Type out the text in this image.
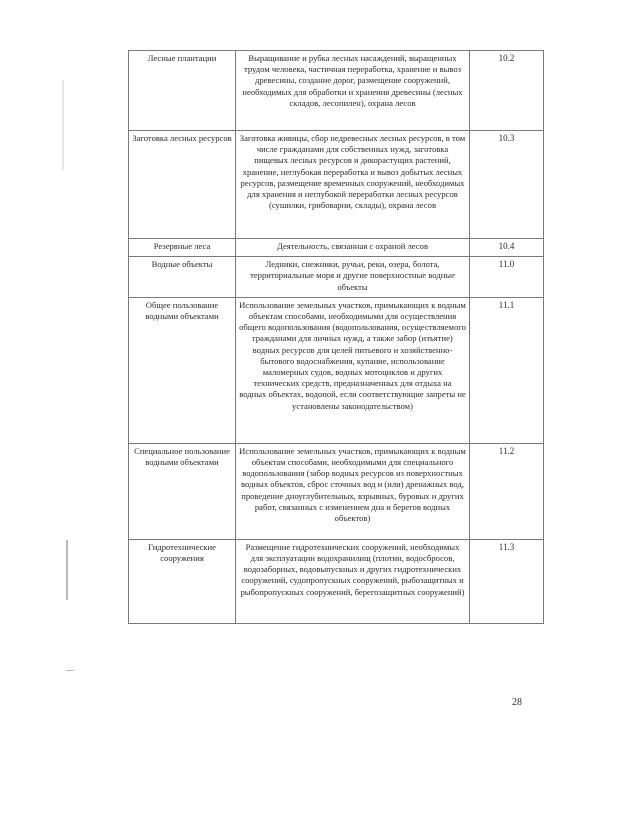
Лесные плантации	Выращивание и рубка лесных насаждений, выращенных трудом человека, частичная переработка, хранение и вывоз древесины, создание дорог, размещение сооружений, необходимых для обработки и хранения древесины (лесных складов, лесопилен), охрана лесов	10.2
Заготовка лесных ресурсов	Заготовка живицы, сбор недревесных лесных ресурсов, в том числе гражданами для собственных нужд, заготовка пищевых лесных ресурсов и дикорастущих растений, хранение, неглубокая переработка и вывоз добытых лесных ресурсов, размещение временных сооружений, необходимых для хранения и неглубокой переработки лесных ресурсов (сушилки, грибоварни, склады), охрана лесов	10.3
Резервные леса	Деятельность, связанная с охраной лесов	10.4
Водные объекты	Ледники, снежники, ручьи, реки, озера, болота, территориальные моря и другие поверхностные водные объекты	11.0
Общее пользование водными объектами	Использование земельных участков, примыкающих к водным объектам способами, необходимыми для осуществления общего водопользования (водопользования, осуществляемого гражданами для личных нужд, а также забор (изъятие) водных ресурсов для целей питьевого и хозяйственно-бытового водоснабжения, купание, использование маломерных судов, водных мотоциклов и других технических средств, предназначенных для отдыха на водных объектах, водопой, если соответствующие запреты не установлены законодательством)	11.1
Специальное пользование водными объектами	Использование земельных участков, примыкающих к водным объектам способами, необходимыми для специального водопользования (забор водных ресурсов из поверхностных водных объектов, сброс сточных вод и (или) дренажных вод, проведение дноуглубительных, взрывных, буровых и других работ, связанных с изменением дна и берегов водных объектов)	11.2
Гидротехнические сооружения	Размещение гидротехнических сооружений, необходимых для эксплуатации водохранилищ (плотин, водосбросов, водозаборных, водовыпускных и других гидротехнических сооружений, судопропускных сооружений, рыбозащитных и рыбопропускных сооружений, берегозащитных сооружений)	11.3
28
